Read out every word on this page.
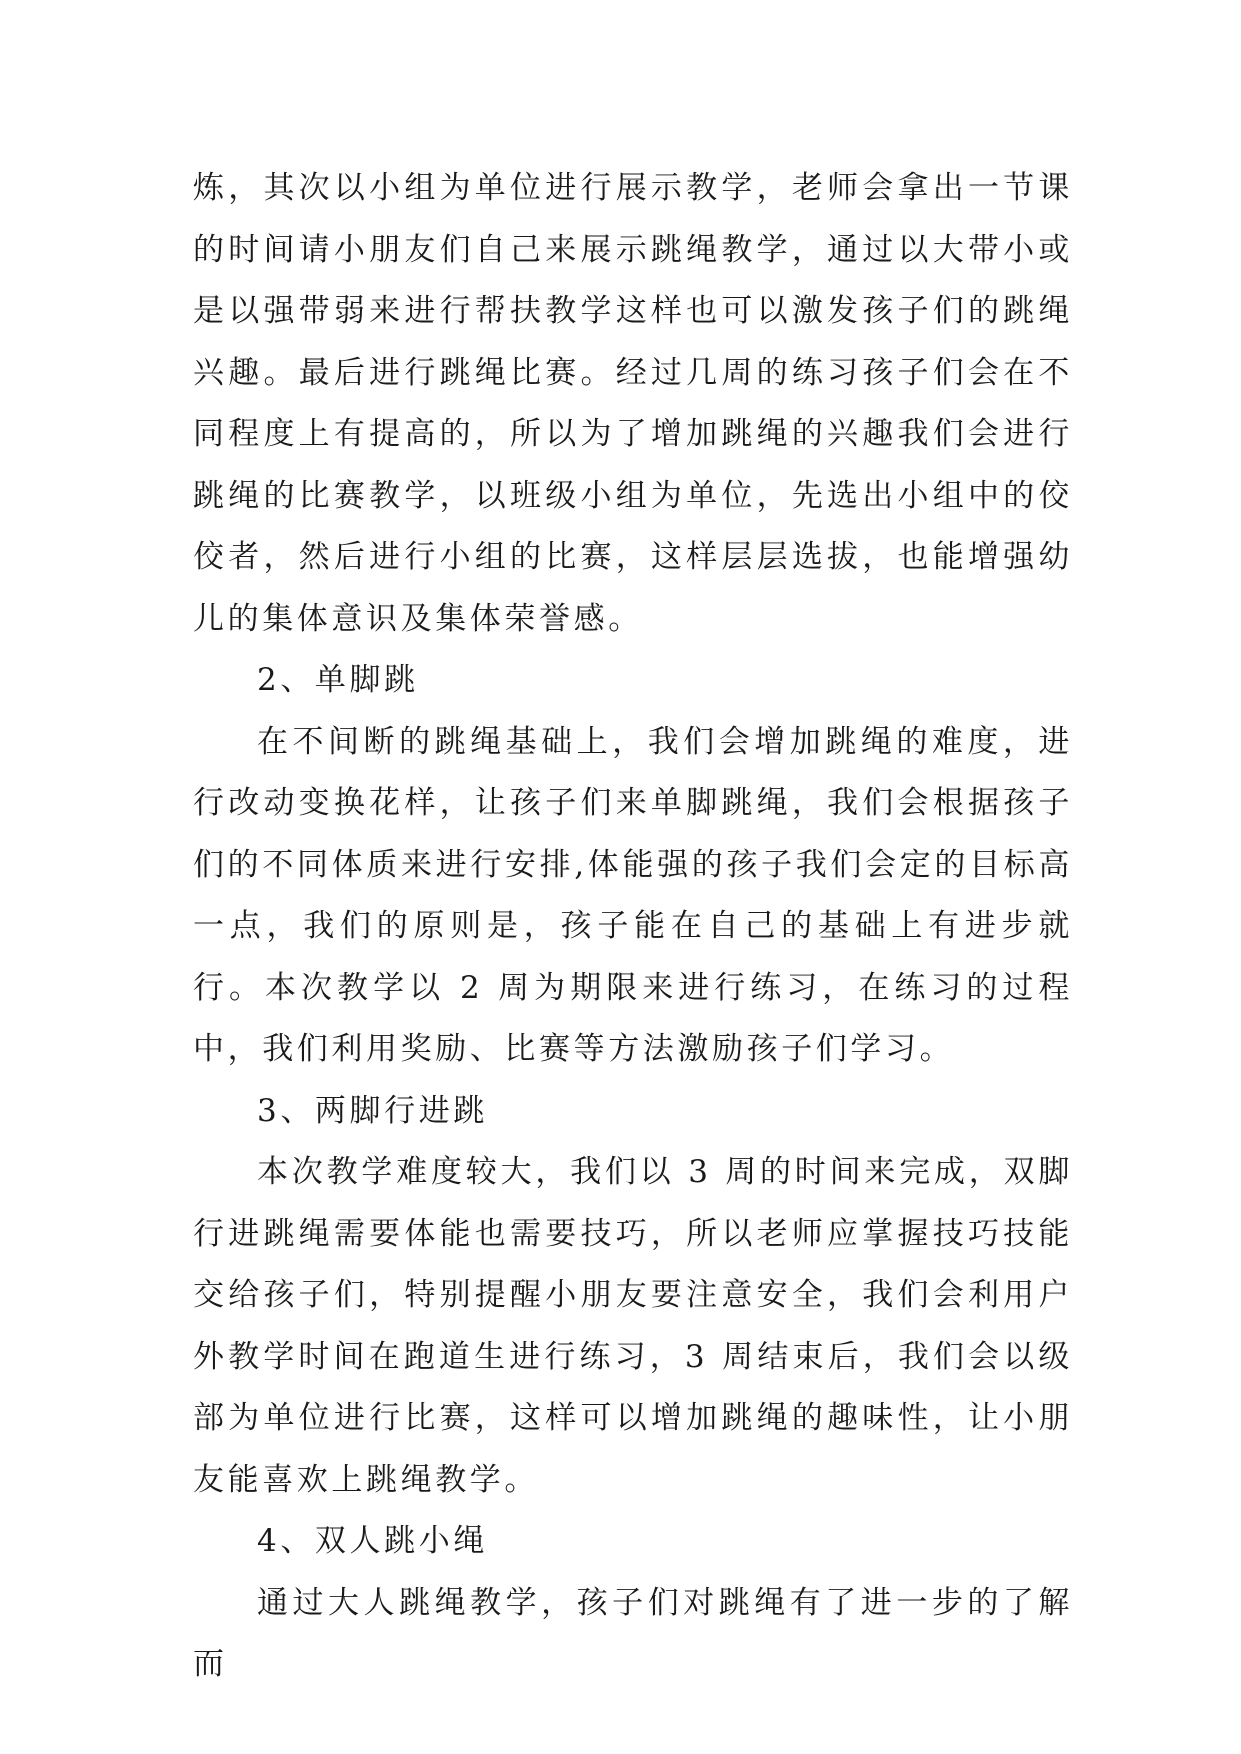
炼，其次以小组为单位进行展示教学，老师会拿出一节课的时间请小朋友们自己来展示跳绳教学，通过以大带小或是以强带弱来进行帮扶教学这样也可以激发孩子们的跳绳兴趣。最后进行跳绳比赛。经过几周的练习孩子们会在不同程度上有提高的，所以为了增加跳绳的兴趣我们会进行跳绳的比赛教学，以班级小组为单位，先选出小组中的佼佼者，然后进行小组的比赛，这样层层选拔，也能增强幼儿的集体意识及集体荣誉感。

2、单脚跳

在不间断的跳绳基础上，我们会增加跳绳的难度，进行改动变换花样，让孩子们来单脚跳绳，我们会根据孩子们的不同体质来进行安排,体能强的孩子我们会定的目标高一点，我们的原则是，孩子能在自己的基础上有进步就行。本次教学以 2 周为期限来进行练习，在练习的过程中，我们利用奖励、比赛等方法激励孩子们学习。

3、两脚行进跳

本次教学难度较大，我们以 3 周的时间来完成，双脚行进跳绳需要体能也需要技巧，所以老师应掌握技巧技能交给孩子们，特别提醒小朋友要注意安全，我们会利用户外教学时间在跑道生进行练习，3 周结束后，我们会以级部为单位进行比赛，这样可以增加跳绳的趣味性，让小朋友能喜欢上跳绳教学。

4、双人跳小绳

通过大人跳绳教学，孩子们对跳绳有了进一步的了解而
